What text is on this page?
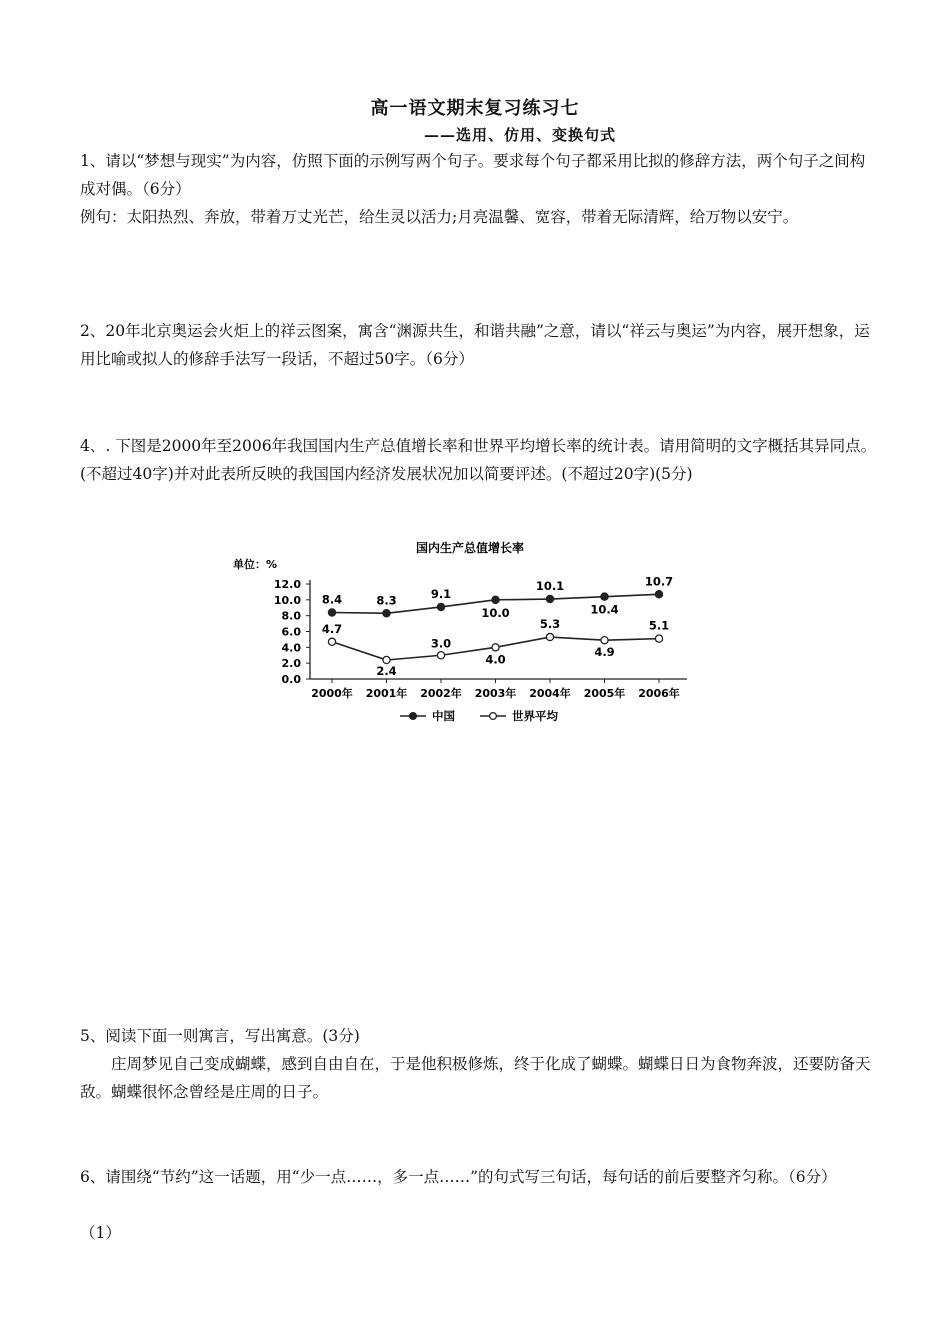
高一语文期末复习练习七
——选用、仿用、变换句式

1、请以“梦想与现实”为内容，仿照下面的示例写两个句子。要求每个句子都采用比拟的修辞方法，两个句子之间构成对偶。（6分）

例句：太阳热烈、奔放，带着万丈光芒，给生灵以活力;月亮温馨、宽容，带着无际清辉，给万物以安宁。

2、20年北京奥运会火炬上的祥云图案，寓含“渊源共生，和谐共融”之意，请以“祥云与奥运”为内容，展开想象，运用比喻或拟人的修辞手法写一段话，不超过50字。（6分）

4、. 下图是2000年至2006年我国国内生产总值增长率和世界平均增长率的统计表。请用简明的文字概括其异同点。(不超过40字)并对此表所反映的我国国内经济发展状况加以简要评述。(不超过20字)(5分)

国内生产总值增长率
单位：%
12.0
10.0
8.0
6.0
4.0
2.0
0.0
2000年 2001年 2002年 2003年 2004年 2005年 2006年
8.4	8.3	9.1
10.0
10.1
10.4
10.7
4.7
2.4
3.0
4.0
5.3
4.9
5.1
中国	世界平均

5、阅读下面一则寓言，写出寓意。(3分)

庄周梦见自己变成蝴蝶，感到自由自在，于是他积极修炼，终于化成了蝴蝶。蝴蝶日日为食物奔波，还要防备天敌。蝴蝶很怀念曾经是庄周的日子。

6、请围绕“节约”这一话题，用“少一点……，多一点……”的句式写三句话，每句话的前后要整齐匀称。（6分）

（1）
